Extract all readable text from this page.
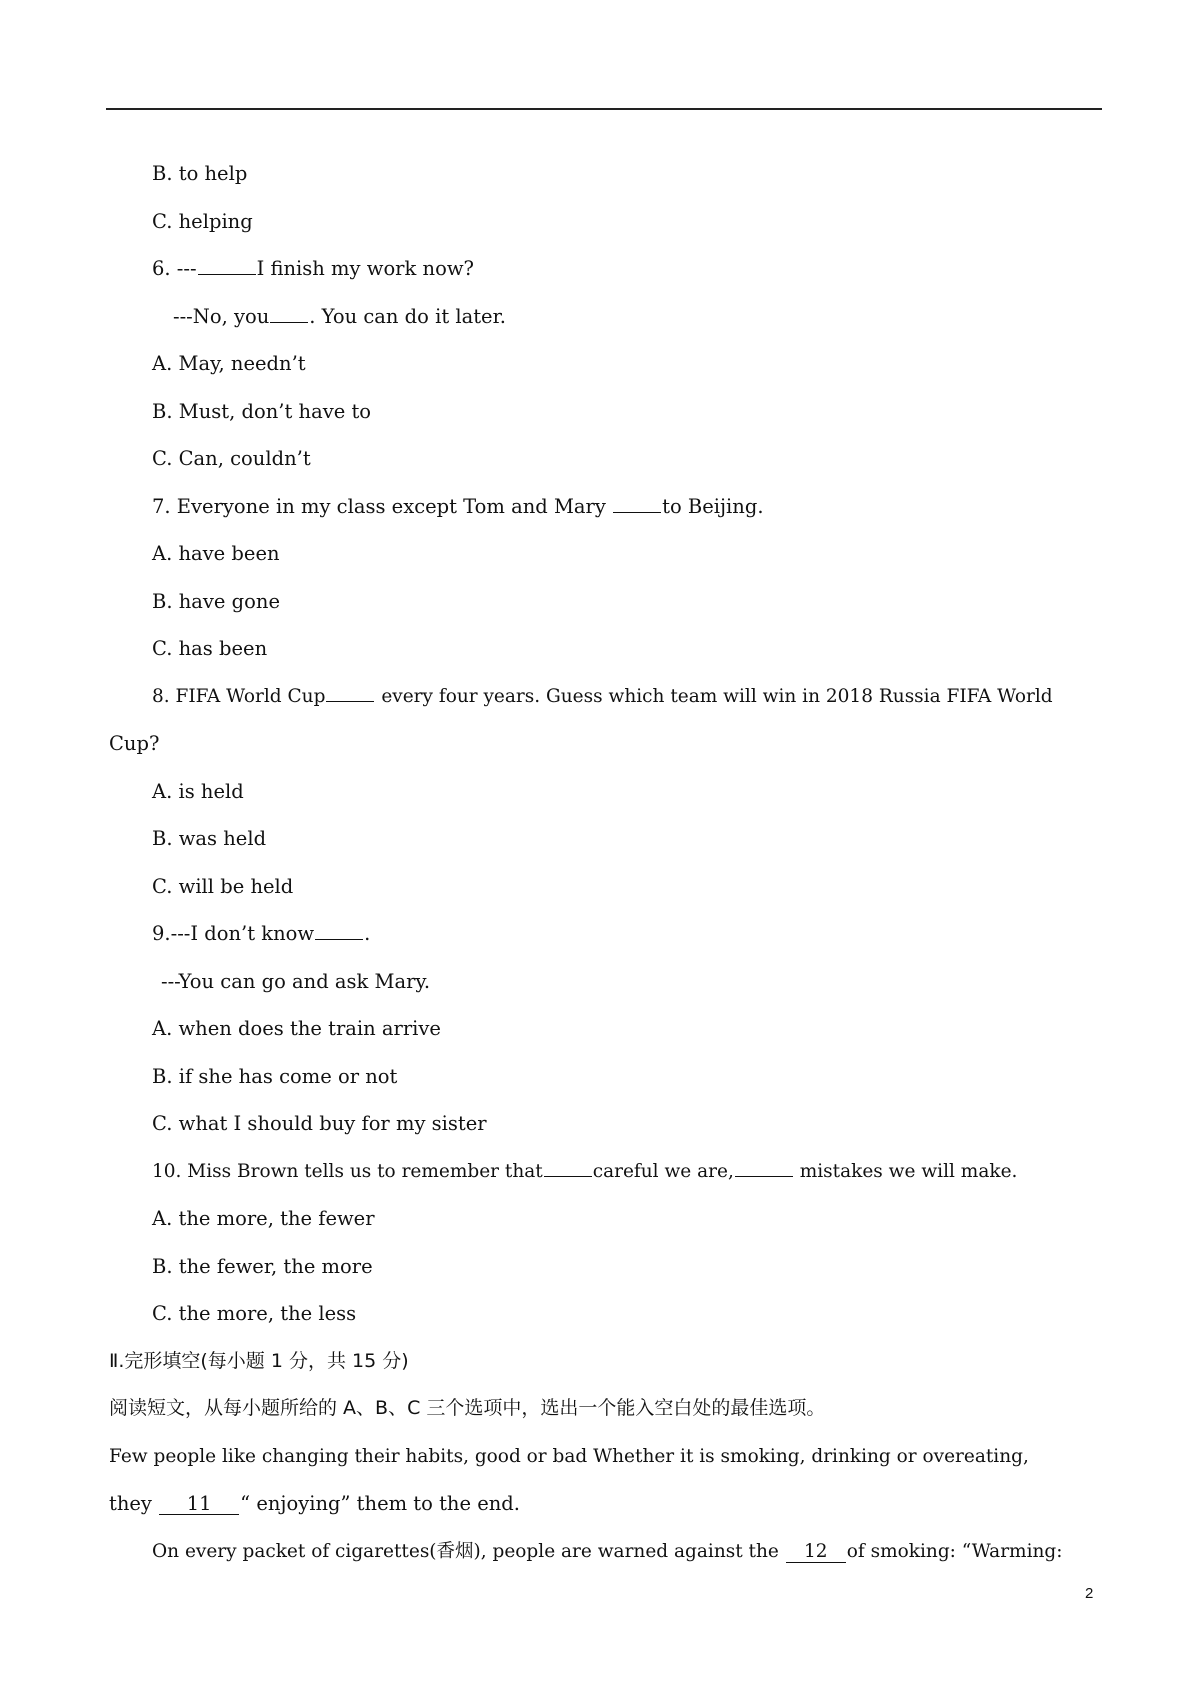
B. to help
C. helping
6. ---	I finish my work now?
---No, you . You can do it later.
A. May, needn’t
B. Must, don’t have to
C. Can, couldn’t
7. Everyone in my class except Tom and Mary	to Beijing.
A. have been
B. have gone
C. has been
8. FIFA World Cup	every four years. Guess which team will win in 2018 Russia FIFA World
Cup?
A. is held
B. was held
C. will be held
9.---I don’t know	.
---You can go and ask Mary.
A. when does the train arrive
B. if she has come or not
C. what I should buy for my sister
10. Miss Brown tells us to remember that	careful we are,	mistakes we will make.
A. the more, the fewer
B. the fewer, the more
C. the more, the less
Ⅱ.完形填空(每小题 1 分，共 15 分)
阅读短文，从每小题所给的 A、B、C 三个选项中，选出一个能入空白处的最佳选项。
Few people like changing their habits, good or bad Whether it is smoking, drinking or overeating,
they 11 “ enjoying” them to the end.
On every packet of cigarettes(香烟), people are warned against the 12 of smoking: “Warming:
2
